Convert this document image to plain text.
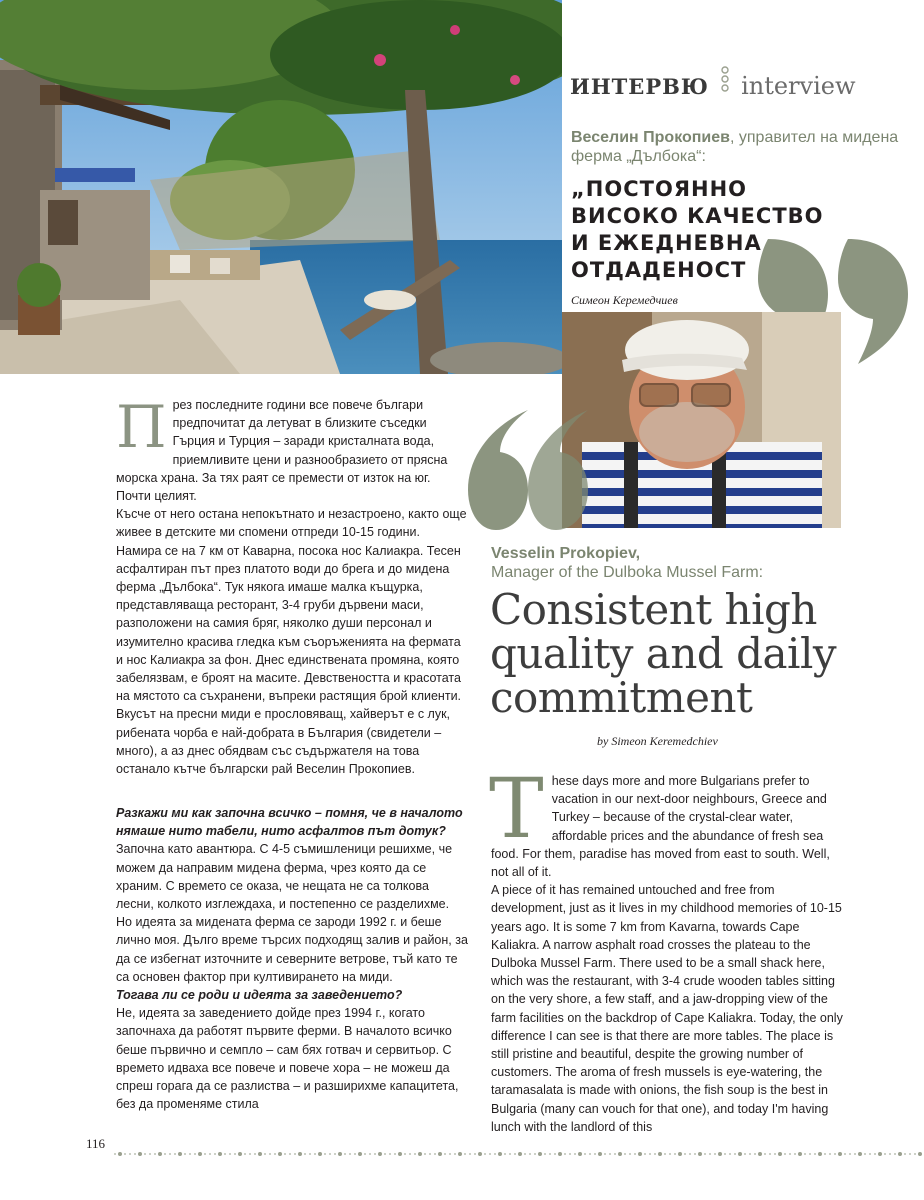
ИНТЕРВЮ interview
Веселин Прокопиев, управител на мидена ферма „Дълбока“:
„ПОСТОЯННО
ВИСОКО КАЧЕСТВО
И ЕЖЕДНЕВНА
ОТДАДЕНОСТ
Симеон Керемедчиев
Vesselin Prokopiev,
Manager of the Dulboka Mussel Farm:
Consistent high
quality and daily
commitment
by Simeon Keremedchiev
През последните години все повече българи предпочитат да летуват в близките съседки Гърция и Турция – заради кристалната вода, приемливите цени и разнообразието от прясна морска храна. За тях раят се премести от изток на юг. Почти целият.
Късче от него остана непокътнато и незастроено, както още живее в детските ми спомени отпреди 10-15 години. Намира се на 7 км от Каварна, посока нос Калиакра. Тесен асфалтиран път през платото води до брега и до мидена ферма „Дълбока“. Тук някога имаше малка къщурка, представляваща ресторант, 3-4 груби дървени маси, разположени на самия бряг, няколко души персонал и изумително красива гледка към съоръженията на фермата и нос Калиакра за фон. Днес единствената промяна, която забелязвам, е броят на масите. Девствеността и красотата на мястото са съхранени, въпреки растящия брой клиенти. Вкусът на пресни миди е прословяващ, хайверът е с лук, рибената чорба е най-добрата в България (свидетели – много), а аз днес обядвам със съдържателя на това останало кътче български рай Веселин Прокопиев.
Разкажи ми как започна всичко – помня, че в началото нямаше нито табели, нито асфалтов път дотук?
Започна като авантюра. С 4-5 съмишленици решихме, че можем да направим мидена ферма, чрез която да се храним. С времето се оказа, че нещата не са толкова лесни, колкото изглеждаха, и постепенно се разделихме. Но идеята за мидената ферма се зароди 1992 г. и беше лично моя. Дълго време търсих подходящ залив и район, за да се избегнат източните и северните ветрове, тъй като те са основен фактор при култивирането на миди.
Тогава ли се роди и идеята за заведението?
Не, идеята за заведението дойде през 1994 г., когато започнаха да работят първите ферми. В началото всичко беше първично и семпло – сам бях готвач и сервитьор. С времето идваха все повече и повече хора – не можеш да спреш горага да се разлиства – и разширихме капацитета, без да променяме стила
These days more and more Bulgarians prefer to vacation in our next-door neighbours, Greece and Turkey – because of the crystal-clear water, affordable prices and the abundance of fresh sea food. For them, paradise has moved from east to south. Well, not all of it.
A piece of it has remained untouched and free from development, just as it lives in my childhood memories of 10-15 years ago. It is some 7 km from Kavarna, towards Cape Kaliakra. A narrow asphalt road crosses the plateau to the Dulboka Mussel Farm. There used to be a small shack here, which was the restaurant, with 3-4 crude wooden tables sitting on the very shore, a few staff, and a jaw-dropping view of the farm facilities on the backdrop of Cape Kaliakra. Today, the only difference I can see is that there are more tables. The place is still pristine and beautiful, despite the growing number of customers. The aroma of fresh mussels is eye-watering, the taramasalata is made with onions, the fish soup is the best in Bulgaria (many can vouch for that one), and today I'm having lunch with the landlord of this
116
